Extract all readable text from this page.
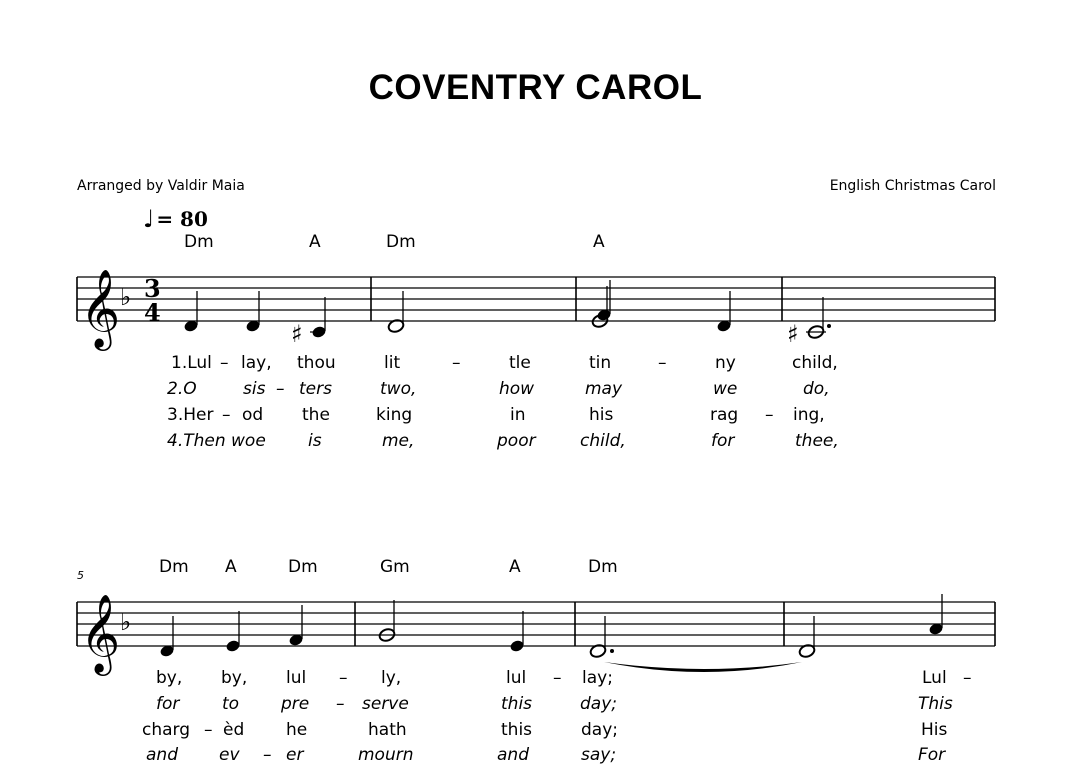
COVENTRY CAROL
Arranged by Valdir Maia	English Christmas Carol
♩ = 80
Dm	A	Dm	A
5	Dm A	Dm	Gm	A	Dm
1.Lul – lay, thou	lit	–	tle	tin	–	ny	child,
2.O	sis – ters	two,	how	may	we	do,
3.Her – od the	king	in	his	rag – ing,
4.Then woe is	me,	poor	child,	for	thee,
by, by, lul – ly,	lul – lay;	Lul –
for	to pre – serve	this	day;	This
charg – èd he	hath	this	day;	His
and ev – er	mourn	and	say;	For
𝄞 ♭ 3
4
♯	♯
𝄞 ♭
